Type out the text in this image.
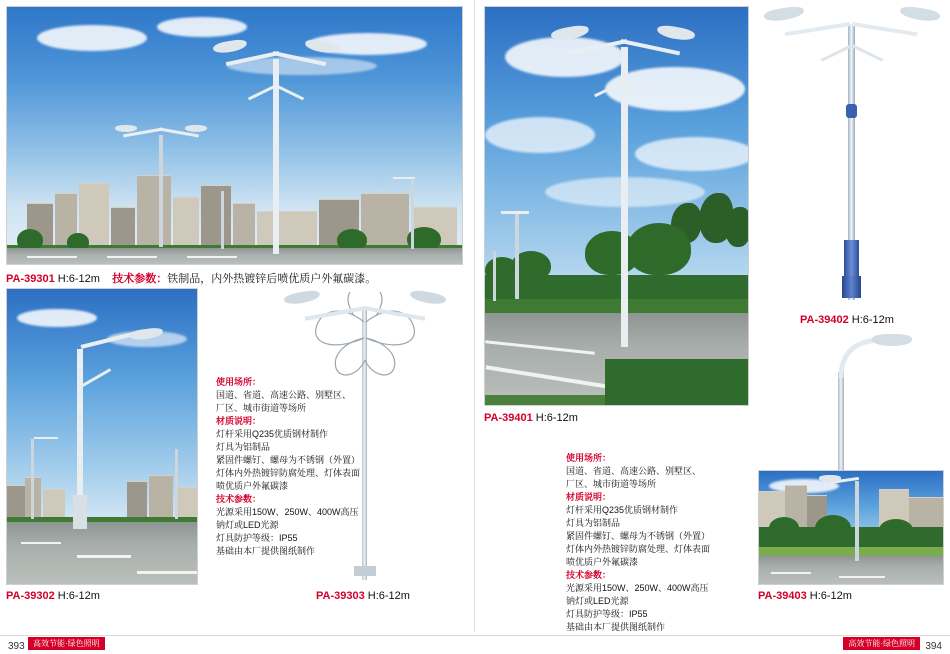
PA-39301 H:6-12m 技术参数：铁制品，内外热镀锌后喷优质户外氟碳漆。
PA-39302 H:6-12m	PA-39303 H:6-12m
使用场所：
国道、省道、高速公路、别墅区、
厂区、城市街道等场所
材质说明：
灯杆采用Q235优质钢材制作
灯具为铝制品
紧固件螺钉、螺母为不锈钢（外置）
灯体内外热镀锌防腐处理、灯体表面
喷优质户外氟碳漆
技术参数：
光源采用150W、250W、400W高压
钠灯或LED光源
灯具防护等级：IP55
基础由本厂提供图纸制作
PA-39401 H:6-12m
PA-39402 H:6-12m
PA-39403 H:6-12m
使用场所：
国道、省道、高速公路、别墅区、
厂区、城市街道等场所
材质说明：
灯杆采用Q235优质钢材制作
灯具为铝制品
紧固件螺钉、螺母为不锈钢（外置）
灯体内外热镀锌防腐处理、灯体表面
喷优质户外氟碳漆
技术参数：
光源采用150W、250W、400W高压
钠灯或LED光源
灯具防护等级：IP55
基础由本厂提供图纸制作
393	高效节能·绿色照明	高效节能·绿色照明	394
